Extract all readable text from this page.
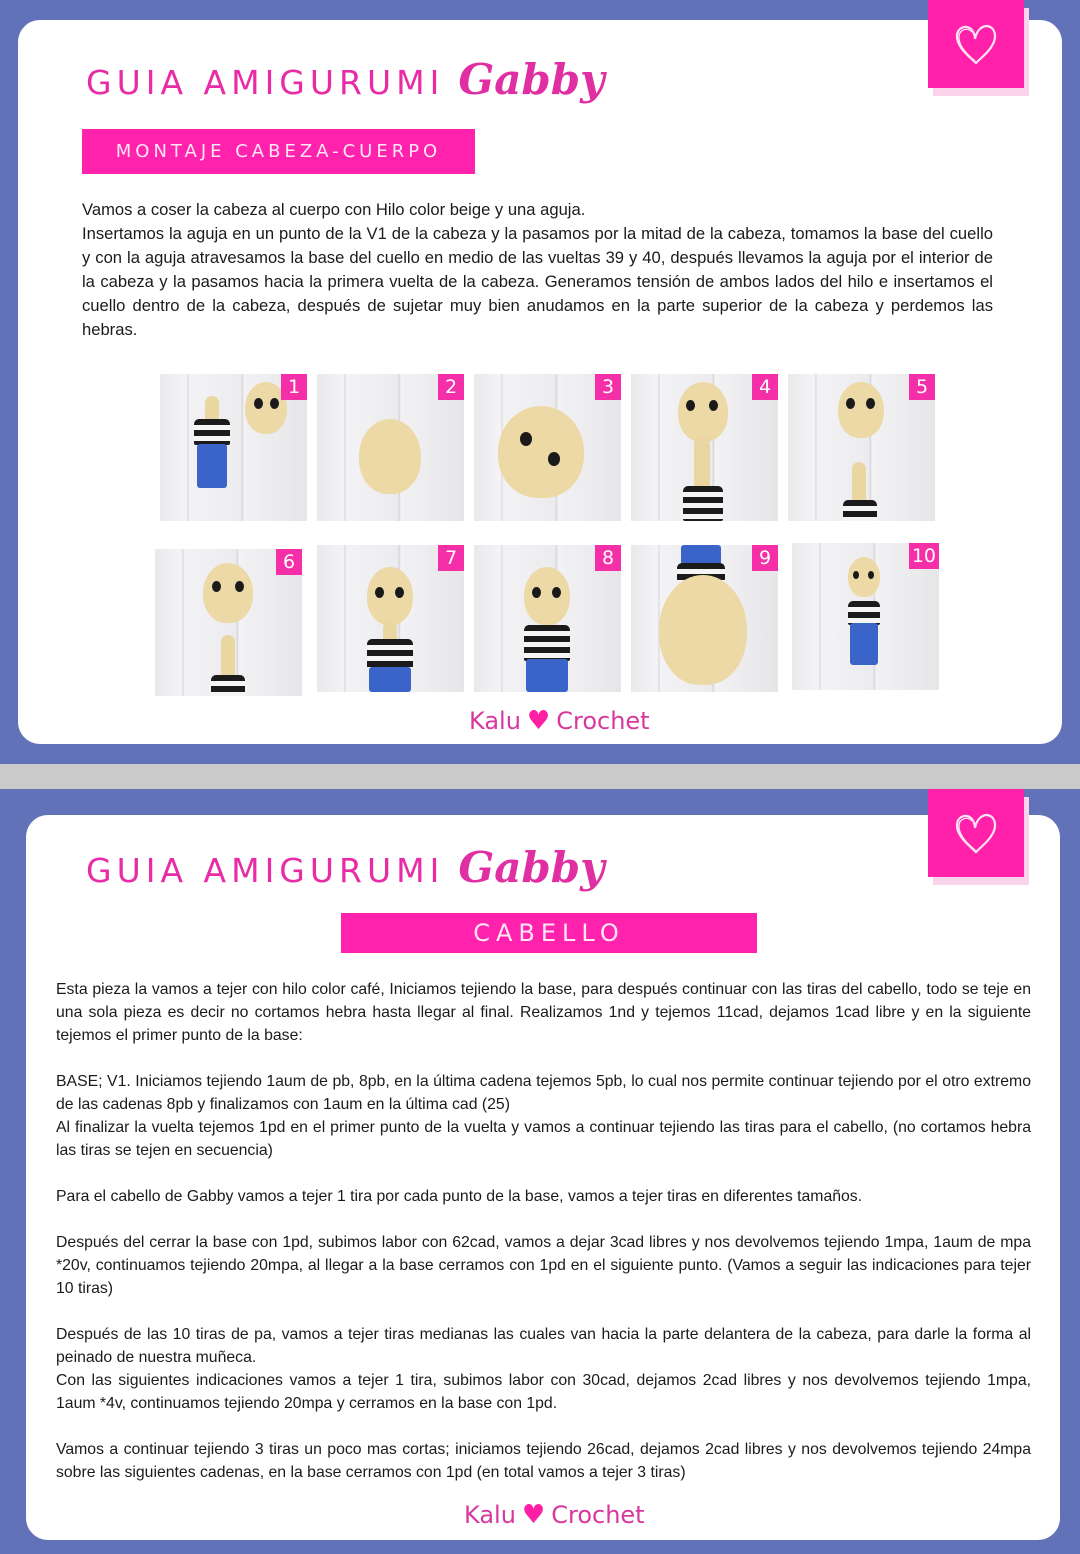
GUIA AMIGURUMI Gabby
MONTAJE CABEZA-CUERPO

Vamos a coser la cabeza al cuerpo con Hilo color beige y una aguja.

Insertamos la aguja en un punto de la V1 de la cabeza y la pasamos por la mitad de la cabeza, tomamos la base del cuello y con la aguja atravesamos la base del cuello en medio de las vueltas 39 y 40, después llevamos la aguja por el interior de la cabeza y la pasamos hacia la primera vuelta de la cabeza. Generamos tensión de ambos lados del hilo e insertamos el cuello dentro de la cabeza, después de sujetar muy bien anudamos en la parte superior de la cabeza y perdemos las hebras.

1	2	3	4	5
6	7	8	9	10
Kalu ♥ Crochet
GUIA AMIGURUMI Gabby
CABELLO

Esta pieza la vamos a tejer con hilo color café, Iniciamos tejiendo la base, para después continuar con las tiras del cabello, todo se teje en una sola pieza es decir no cortamos hebra hasta llegar al final. Realizamos 1nd y tejemos 11cad, dejamos 1cad libre y en la siguiente tejemos el primer punto de la base:

BASE; V1. Iniciamos tejiendo 1aum de pb, 8pb, en la última cadena tejemos 5pb, lo cual nos permite continuar tejiendo por el otro extremo de las cadenas 8pb y finalizamos con 1aum en la última cad (25)

Al finalizar la vuelta tejemos 1pd en el primer punto de la vuelta y vamos a continuar tejiendo las tiras para el cabello, (no cortamos hebra las tiras se tejen en secuencia)

Para el cabello de Gabby vamos a tejer 1 tira por cada punto de la base, vamos a tejer tiras en diferentes tamaños.

Después del cerrar la base con 1pd, subimos labor con 62cad, vamos a dejar 3cad libres y nos devolvemos tejiendo 1mpa, 1aum de mpa *20v, continuamos tejiendo 20mpa, al llegar a la base cerramos con 1pd en el siguiente punto. (Vamos a seguir las indicaciones para tejer 10 tiras)

Después de las 10 tiras de pa, vamos a tejer tiras medianas las cuales van hacia la parte delantera de la cabeza, para darle la forma al peinado de nuestra muñeca.

Con las siguientes indicaciones vamos a tejer 1 tira, subimos labor con 30cad, dejamos 2cad libres y nos devolvemos tejiendo 1mpa, 1aum *4v, continuamos tejiendo 20mpa y cerramos en la base con 1pd.

Vamos a continuar tejiendo 3 tiras un poco mas cortas; iniciamos tejiendo 26cad, dejamos 2cad libres y nos devolvemos tejiendo 24mpa sobre las siguientes cadenas, en la base cerramos con 1pd (en total vamos a tejer 3 tiras)

Kalu ♥ Crochet
